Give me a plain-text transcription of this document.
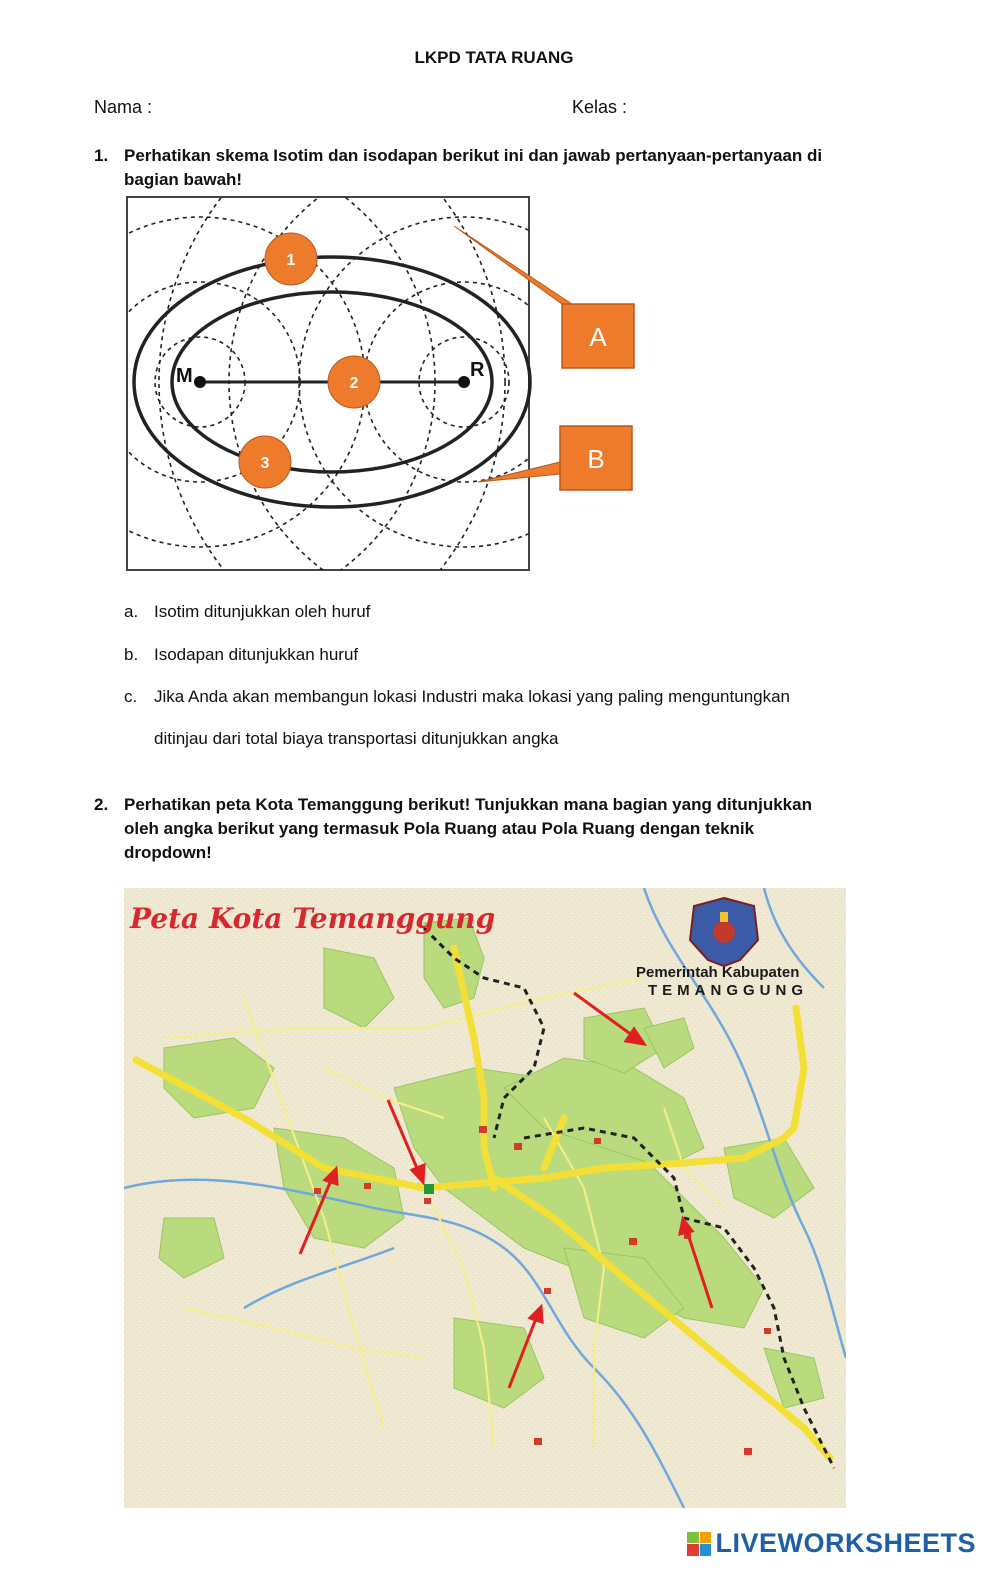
LKPD TATA RUANG
Nama :	Kelas :
1. Perhatikan skema Isotim dan isodapan berikut ini dan jawab pertanyaan-pertanyaan di
bagian bawah!
M	R
A
B
1
2
3
a. Isotim ditunjukkan oleh huruf
b. Isodapan ditunjukkan huruf
c. Jika Anda akan membangun lokasi Industri maka lokasi yang paling menguntungkan
ditinjau dari total biaya transportasi ditunjukkan angka
2. Perhatikan peta Kota Temanggung berikut! Tunjukkan mana bagian yang ditunjukkan
oleh angka berikut yang termasuk Pola Ruang atau Pola Ruang dengan teknik
dropdown!
Peta Kota Temanggung
Pemerintah Kabupaten
TEMANGGUNG
LIVEWORKSHEETS
